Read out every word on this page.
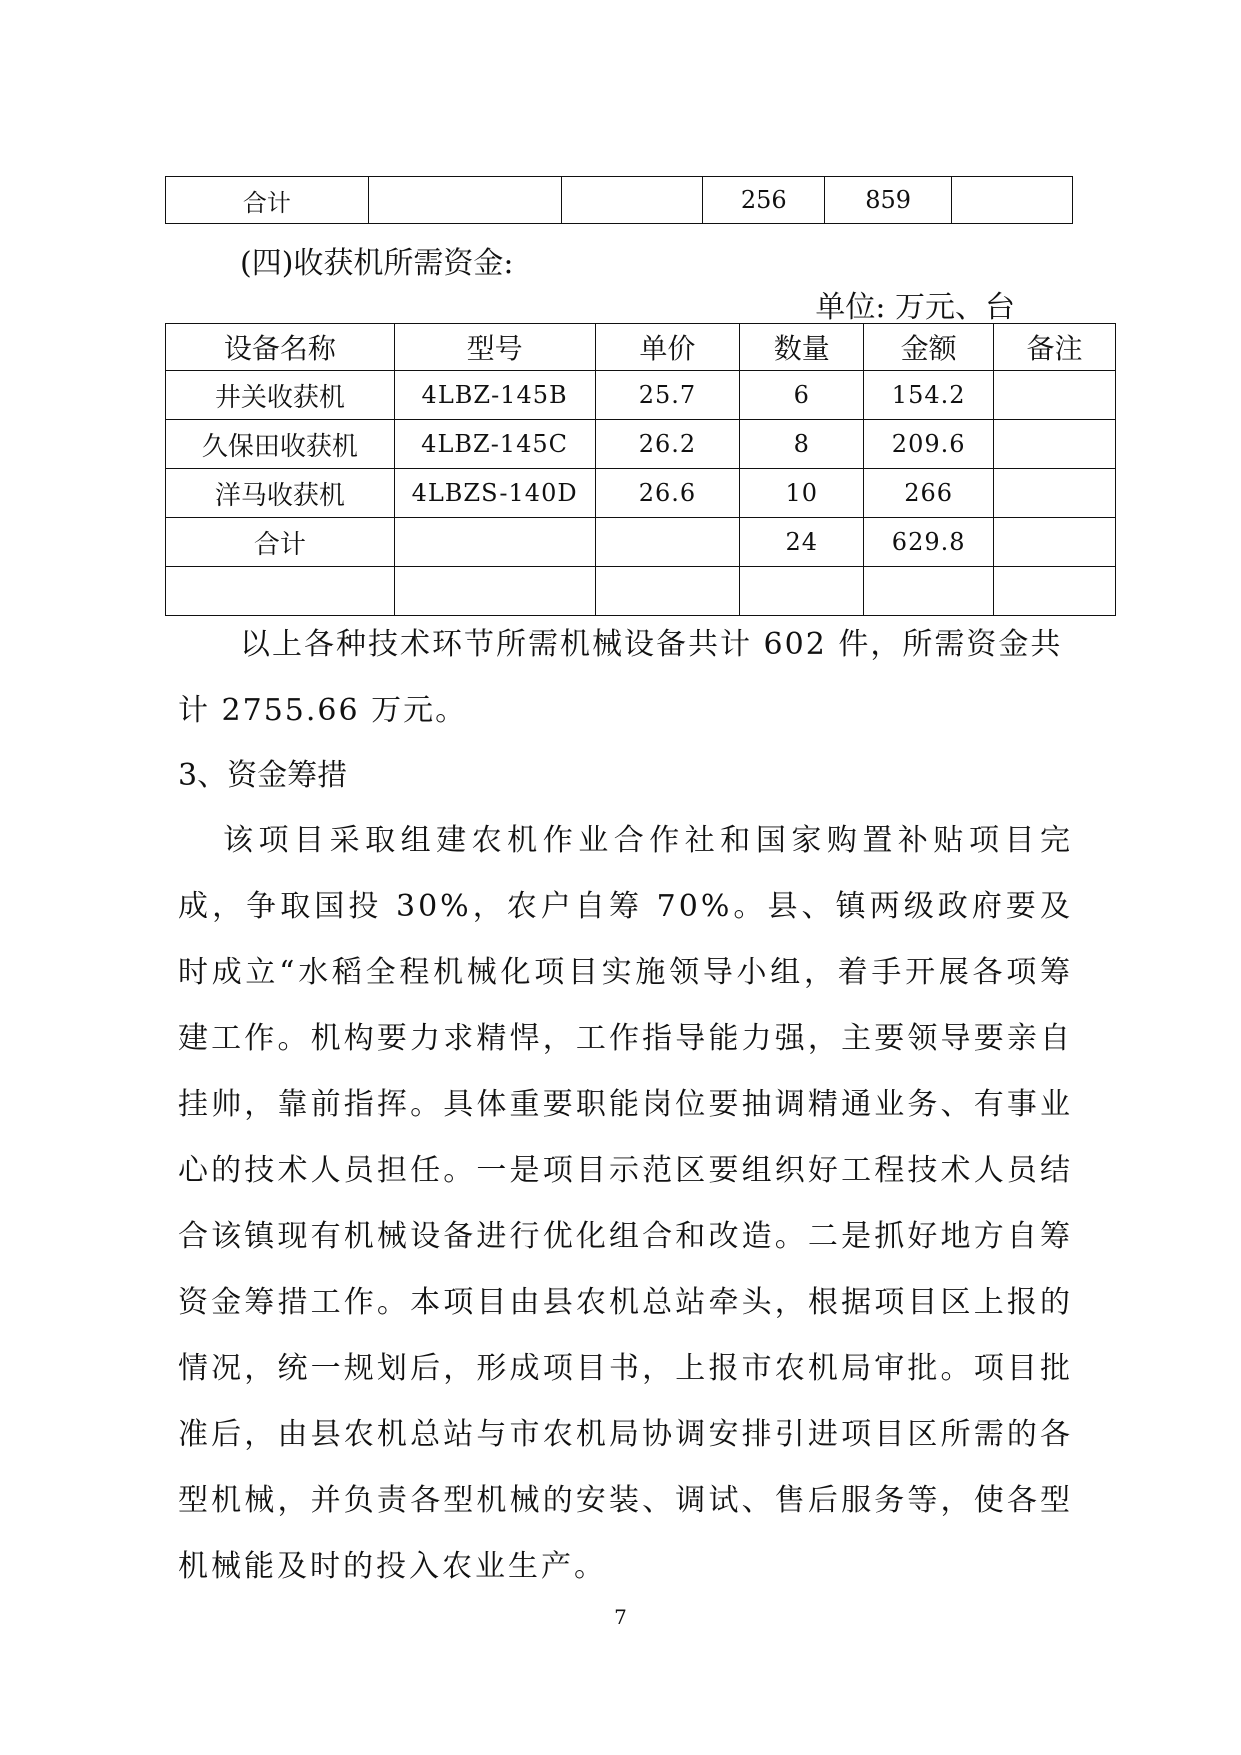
合计			256	859	
(四)收获机所需资金:
单位: 万元、台
设备名称	型号	单价	数量	金额	备注
井关收获机	4LBZ-145B	25.7	6	154.2	
久保田收获机	4LBZ-145C	26.2	8	209.6	
洋马收获机	4LBZS-140D	26.6	10	266	
合计			24	629.8	

以上各种技术环节所需机械设备共计 602 件，所需资金共计 2755.66 万元。

3、资金筹措

该项目采取组建农机作业合作社和国家购置补贴项目完成，争取国投 30%，农户自筹 70%。县、镇两级政府要及时成立“水稻全程机械化项目实施领导小组，着手开展各项筹建工作。机构要力求精悍，工作指导能力强，主要领导要亲自挂帅，靠前指挥。具体重要职能岗位要抽调精通业务、有事业心的技术人员担任。一是项目示范区要组织好工程技术人员结合该镇现有机械设备进行优化组合和改造。二是抓好地方自筹资金筹措工作。本项目由县农机总站牵头，根据项目区上报的情况，统一规划后，形成项目书，上报市农机局审批。项目批准后，由县农机总站与市农机局协调安排引进项目区所需的各型机械，并负责各型机械的安装、调试、售后服务等，使各型机械能及时的投入农业生产。

7
